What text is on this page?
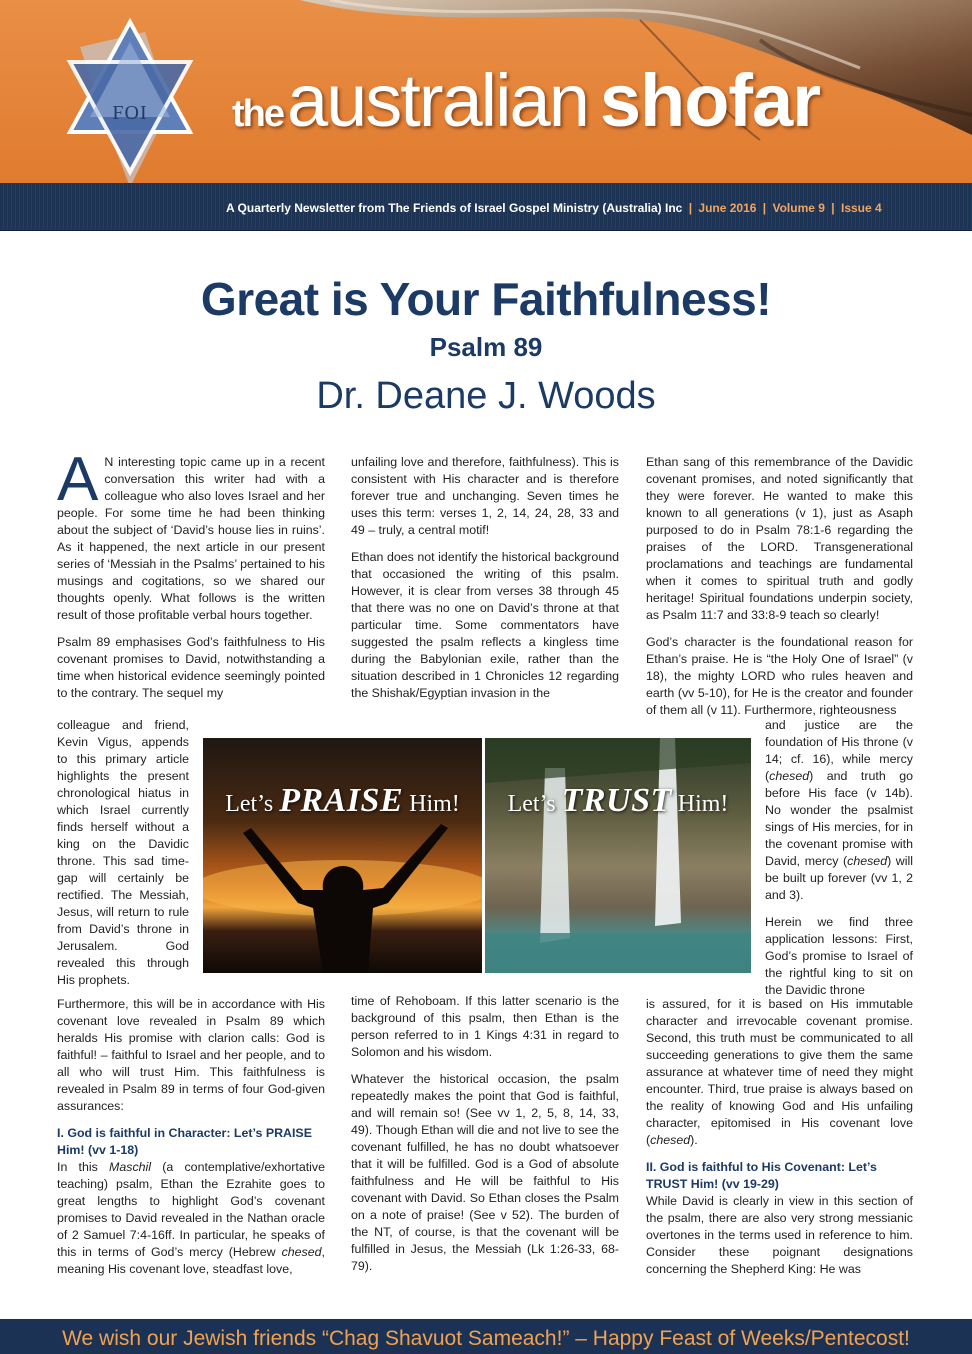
FOI	theaustralian shofar
A Quarterly Newsletter from The Friends of Israel Gospel Ministry (Australia) Inc | June 2016 | Volume 9 | Issue 4
Great is Your Faithfulness!
Psalm 89
Dr. Deane J. Woods

A N interesting topic came up in a recent conversation this writer had with a colleague who also loves Israel and her people. For some time he had been thinking about the subject of ‘David’s house lies in ruins’. As it happened, the next article in our present series of ‘Messiah in the Psalms’ pertained to his musings and cogitations, so we shared our thoughts openly. What follows is the written result of those profitable verbal hours together.

Psalm 89 emphasises God’s faithfulness to His covenant promises to David, notwithstanding a time when historical evidence seemingly pointed to the contrary. The sequel my

unfailing love and therefore, faithfulness). This is consistent with His character and is therefore forever true and unchanging. Seven times he uses this term: verses 1, 2, 14, 24, 28, 33 and 49 – truly, a central motif!

Ethan does not identify the historical background that occasioned the writing of this psalm. However, it is clear from verses 38 through 45 that there was no one on David’s throne at that particular time. Some commentators have suggested the psalm reflects a kingless time during the Babylonian exile, rather than the situation described in 1 Chronicles 12 regarding the Shishak/Egyptian invasion in the

Ethan sang of this remembrance of the Davidic covenant promises, and noted significantly that they were forever. He wanted to make this known to all generations (v 1), just as Asaph purposed to do in Psalm 78:1-6 regarding the praises of the LORD. Transgenerational proclamations and teachings are fundamental when it comes to spiritual truth and godly heritage! Spiritual foundations underpin society, as Psalm 11:7 and 33:8-9 teach so clearly!

God’s character is the foundational reason for Ethan’s praise. He is “the Holy One of Israel” (v 18), the mighty LORD who rules heaven and earth (vv 5-10), for He is the creator and founder of them all (v 11). Furthermore, righteousness

colleague and friend, Kevin Vigus, appends to this primary article highlights the present chronological hiatus in which Israel currently finds herself without a king on the Davidic throne. This sad time-gap will certainly be rectified. The Messiah, Jesus, will return to rule from David’s throne in Jerusalem. God revealed this through His prophets.

and justice are the foundation of His throne (v 14; cf. 16), while mercy (chesed) and truth go before His face (v 14b). No wonder the psalmist sings of His mercies, for in the covenant promise with David, mercy (chesed) will be built up forever (vv 1, 2 and 3).

Herein we find three application lessons: First, God’s promise to Israel of the rightful king to sit on the Davidic throne

Let’s PRAISE Him!	Let’s TRUST Him!

Furthermore, this will be in accordance with His covenant love revealed in Psalm 89 which heralds His promise with clarion calls: God is faithful! – faithful to Israel and her people, and to all who will trust Him. This faithfulness is revealed in Psalm 89 in terms of four God-given assurances:

I. God is faithful in Character: Let’s PRAISE Him! (vv 1-18)

In this Maschil (a contemplative/exhortative teaching) psalm, Ethan the Ezrahite goes to great lengths to highlight God’s covenant promises to David revealed in the Nathan oracle of 2 Samuel 7:4-16ff. In particular, he speaks of this in terms of God’s mercy (Hebrew chesed, meaning His covenant love, steadfast love,

time of Rehoboam. If this latter scenario is the background of this psalm, then Ethan is the person referred to in 1 Kings 4:31 in regard to Solomon and his wisdom.

Whatever the historical occasion, the psalm repeatedly makes the point that God is faithful, and will remain so! (See vv 1, 2, 5, 8, 14, 33, 49). Though Ethan will die and not live to see the covenant fulfilled, he has no doubt whatsoever that it will be fulfilled. God is a God of absolute faithfulness and He will be faithful to His covenant with David. So Ethan closes the Psalm on a note of praise! (See v 52). The burden of the NT, of course, is that the covenant will be fulfilled in Jesus, the Messiah (Lk 1:26-33, 68-79).

is assured, for it is based on His immutable character and irrevocable covenant promise. Second, this truth must be communicated to all succeeding generations to give them the same assurance at whatever time of need they might encounter. Third, true praise is always based on the reality of knowing God and His unfailing character, epitomised in His covenant love (chesed).

II. God is faithful to His Covenant: Let’s TRUST Him! (vv 19-29)

While David is clearly in view in this section of the psalm, there are also very strong messianic overtones in the terms used in reference to him. Consider these poignant designations concerning the Shepherd King: He was

We wish our Jewish friends “Chag Shavuot Sameach!” – Happy Feast of Weeks/Pentecost!
